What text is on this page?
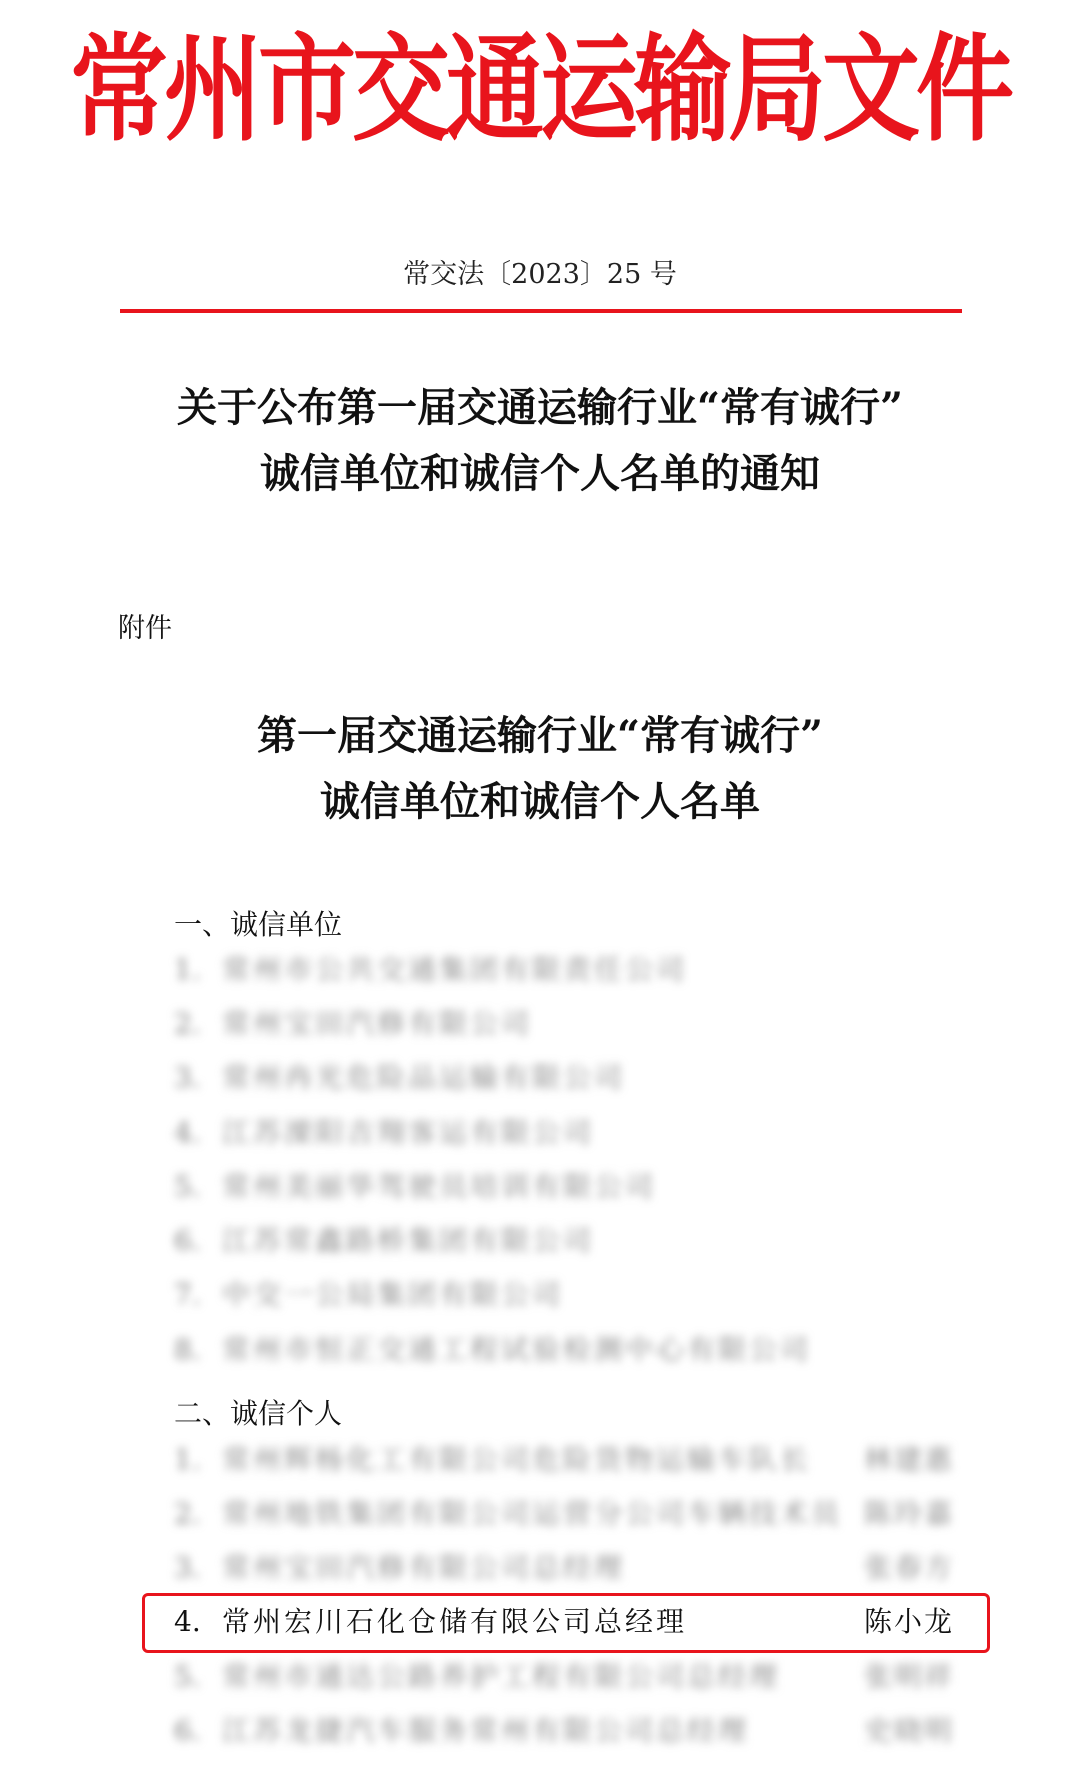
常州市交通运输局文件
常交法〔2023〕25 号
关于公布第一届交通运输行业“常有诚行”
诚信单位和诚信个人名单的通知
附件
第一届交通运输行业“常有诚行”
诚信单位和诚信个人名单
一、诚信单位
1. 常州市公共交通集团有限责任公司
2. 常州宝田汽修有限公司
3. 常州冉光危险品运输有限公司
4. 江苏溧阳吉翔客运有限公司
5. 常州美丽华驾驶员培训有限公司
6. 江苏常鑫路桥集团有限公司
7. 中交一公局集团有限公司
8. 常州市恒正交通工程试验检测中心有限公司
二、诚信个人
1. 常州辉杨化工有限公司危险货物运输车队长 林建惠
2. 常州地铁集团有限公司运营分公司车辆技术员 陈玲嘉
3. 常州宝田汽修有限公司总经理	张春方
4. 常州宏川石化仓储有限公司总经理	陈小龙
5. 常州市通达公路养护工程有限公司总经理	张明祥
6. 江苏龙捷汽车服务常州有限公司总经理	史晓明
